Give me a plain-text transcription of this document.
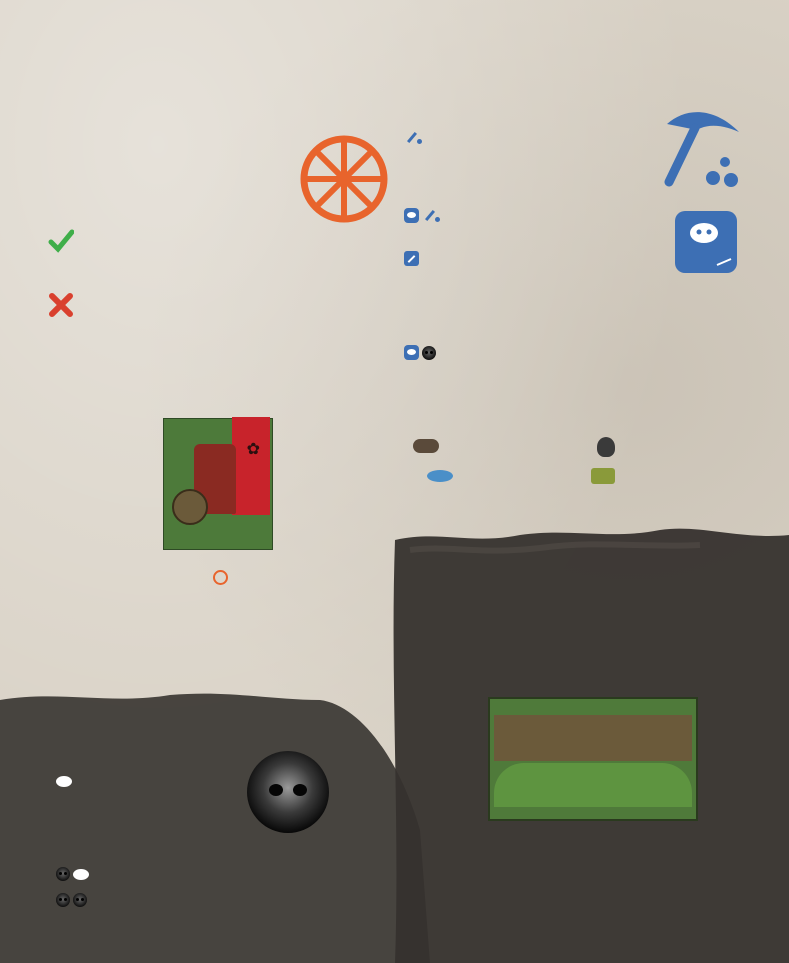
✿
